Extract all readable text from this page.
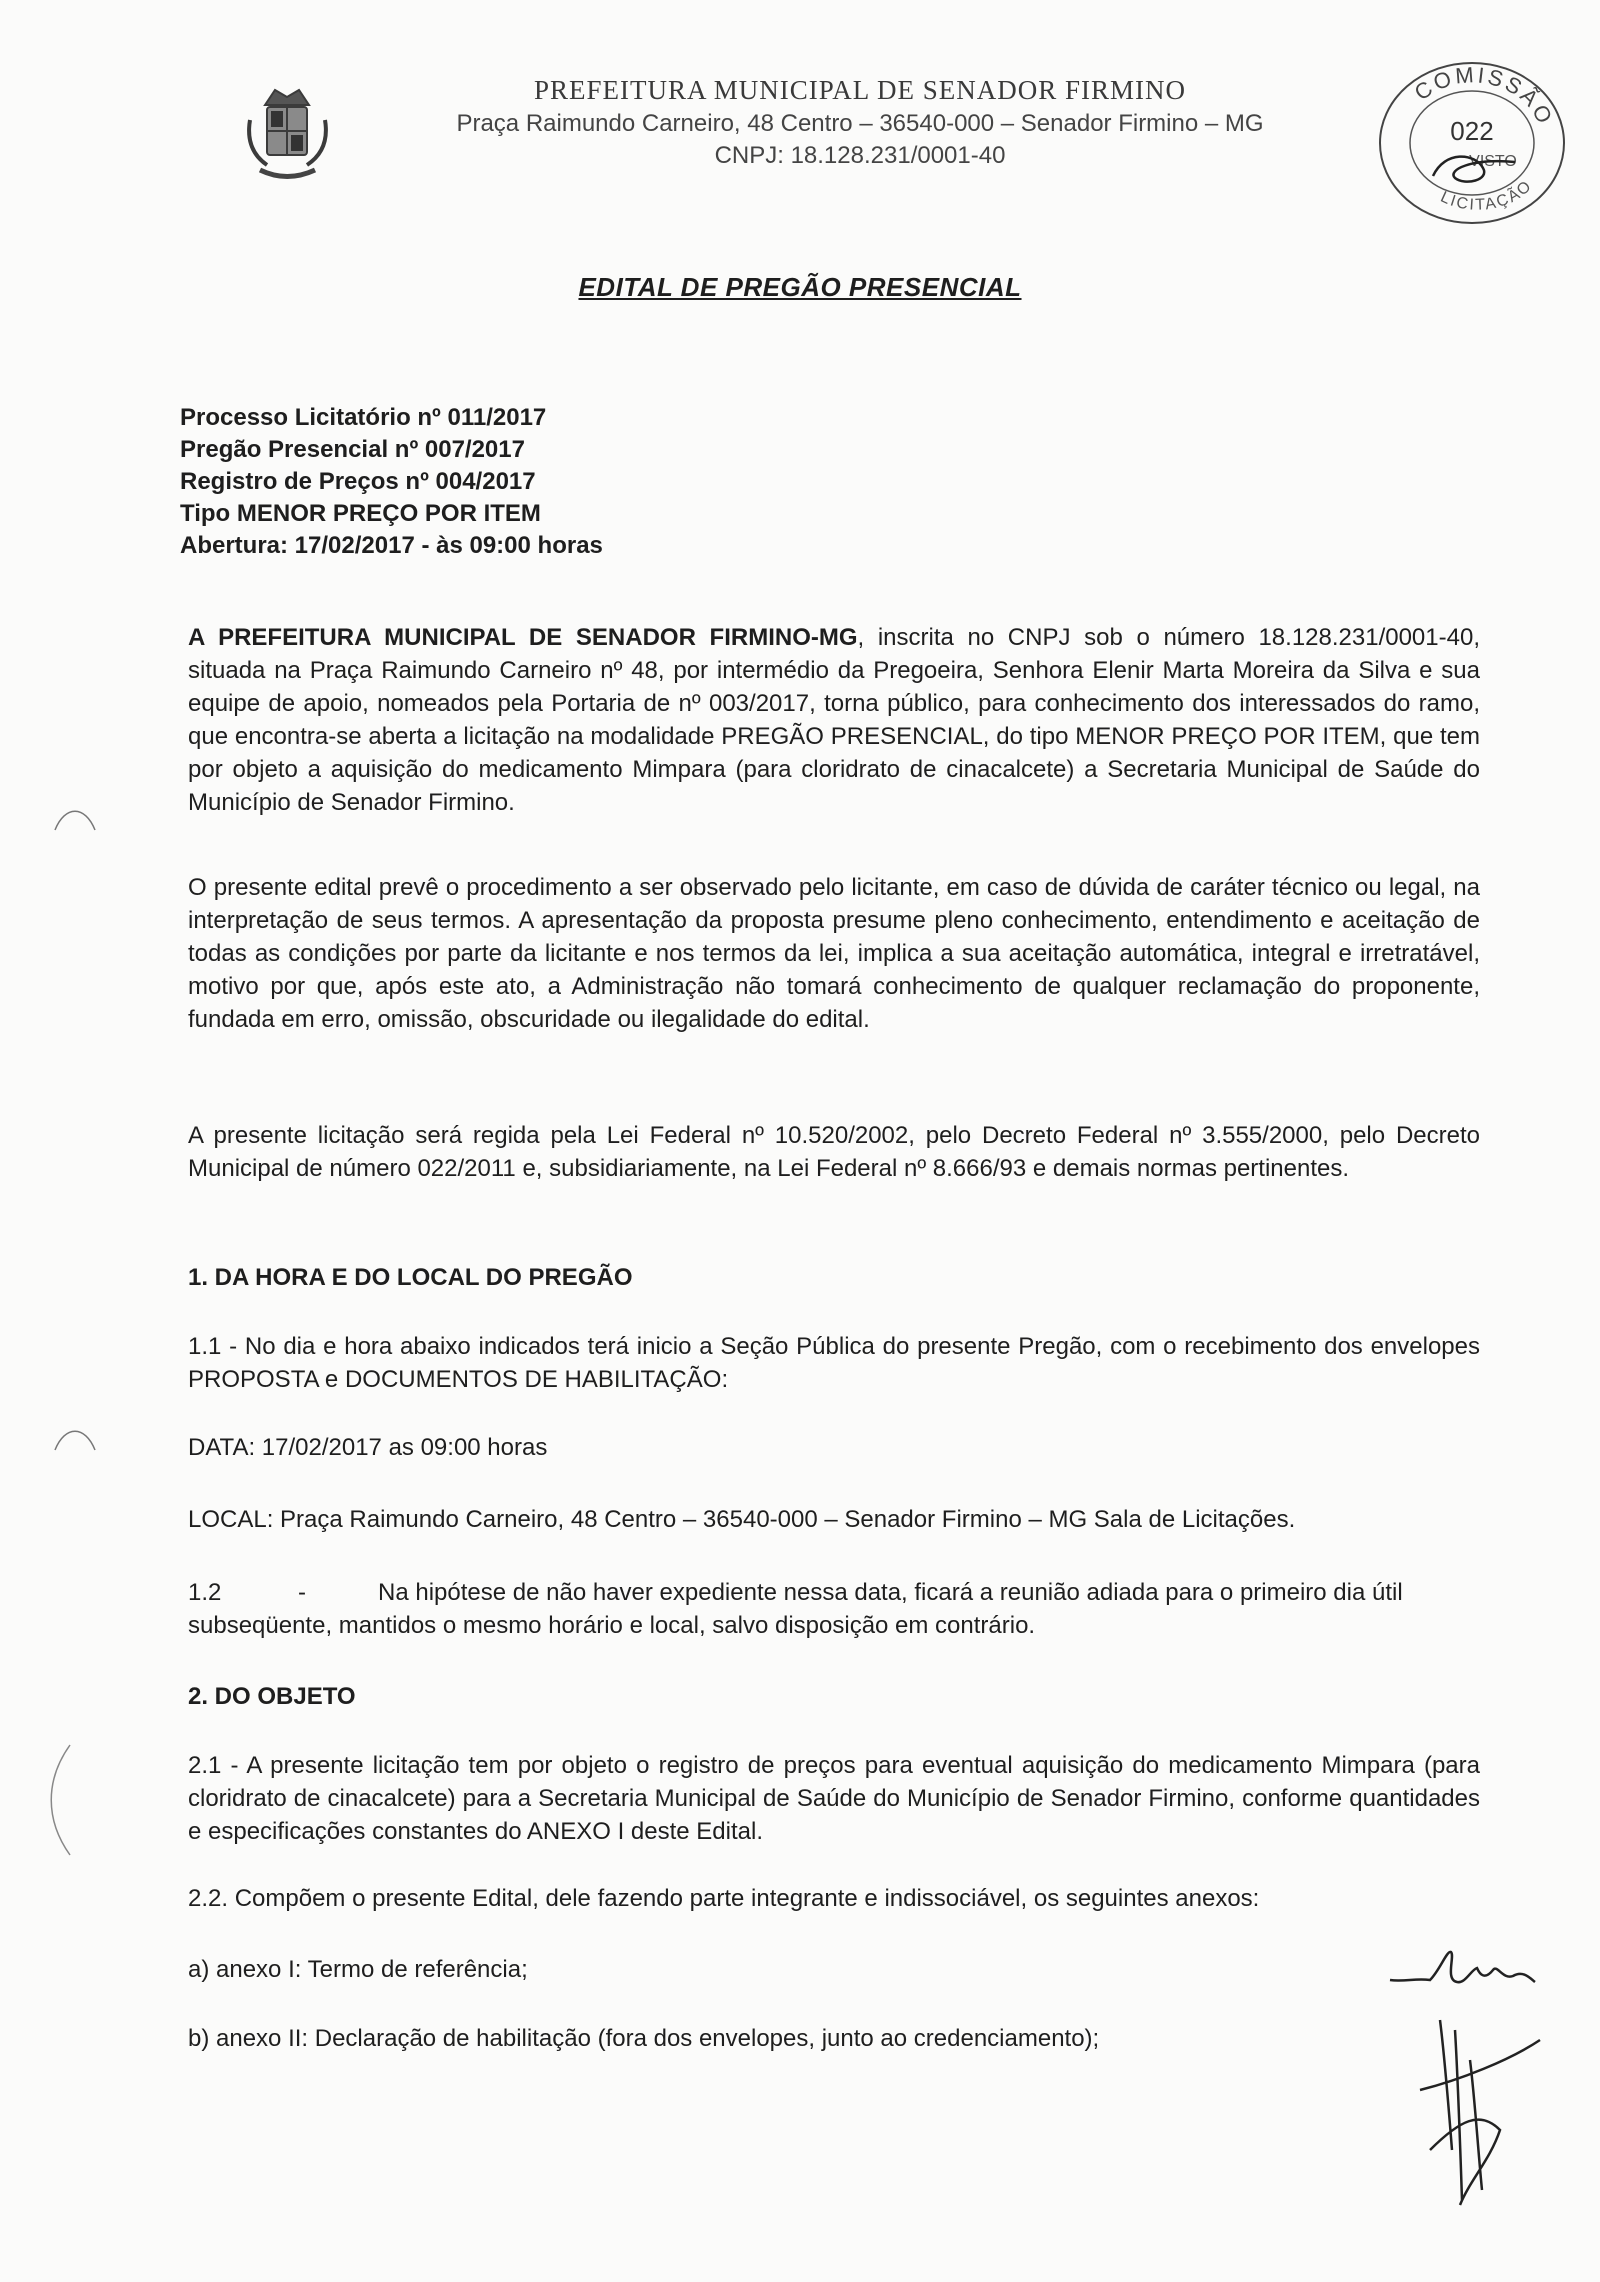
PREFEITURA MUNICIPAL DE SENADOR FIRMINO
Praça Raimundo Carneiro, 48 Centro – 36540-000 – Senador Firmino – MG
CNPJ: 18.128.231/0001-40
COMISSÃO
022
VISTO
LICITAÇÃO
EDITAL DE PREGÃO PRESENCIAL
Processo Licitatório nº 011/2017
Pregão Presencial nº 007/2017
Registro de Preços nº 004/2017
Tipo MENOR PREÇO POR ITEM
Abertura: 17/02/2017 - às 09:00 horas

A PREFEITURA MUNICIPAL DE SENADOR FIRMINO-MG, inscrita no CNPJ sob o número 18.128.231/0001-40, situada na Praça Raimundo Carneiro nº 48, por intermédio da Pregoeira, Senhora Elenir Marta Moreira da Silva e sua equipe de apoio, nomeados pela Portaria de nº 003/2017, torna público, para conhecimento dos interessados do ramo, que encontra-se aberta a licitação na modalidade PREGÃO PRESENCIAL, do tipo MENOR PREÇO POR ITEM, que tem por objeto a aquisição do medicamento Mimpara (para cloridrato de cinacalcete) a Secretaria Municipal de Saúde do Município de Senador Firmino.

O presente edital prevê o procedimento a ser observado pelo licitante, em caso de dúvida de caráter técnico ou legal, na interpretação de seus termos. A apresentação da proposta presume pleno conhecimento, entendimento e aceitação de todas as condições por parte da licitante e nos termos da lei, implica a sua aceitação automática, integral e irretratável, motivo por que, após este ato, a Administração não tomará conhecimento de qualquer reclamação do proponente, fundada em erro, omissão, obscuridade ou ilegalidade do edital.

A presente licitação será regida pela Lei Federal nº 10.520/2002, pelo Decreto Federal nº 3.555/2000, pelo Decreto Municipal de número 022/2011 e, subsidiariamente, na Lei Federal nº 8.666/93 e demais normas pertinentes.

1. DA HORA E DO LOCAL DO PREGÃO

1.1 - No dia e hora abaixo indicados terá inicio a Seção Pública do presente Pregão, com o recebimento dos envelopes PROPOSTA e DOCUMENTOS DE HABILITAÇÃO:

DATA: 17/02/2017 as 09:00 horas
LOCAL: Praça Raimundo Carneiro, 48 Centro – 36540-000 – Senador Firmino – MG Sala de Licitações.
1.2	-	Na hipótese de não haver expediente nessa data, ficará a reunião adiada para o primeiro dia útil subseqüente, mantidos o mesmo horário e local, salvo disposição em contrário.
2. DO OBJETO

2.1 - A presente licitação tem por objeto o registro de preços para eventual aquisição do medicamento Mimpara (para cloridrato de cinacalcete) para a Secretaria Municipal de Saúde do Município de Senador Firmino, conforme quantidades e especificações constantes do ANEXO I deste Edital.

2.2. Compõem o presente Edital, dele fazendo parte integrante e indissociável, os seguintes anexos:
a) anexo I: Termo de referência;
b) anexo II: Declaração de habilitação (fora dos envelopes, junto ao credenciamento);
